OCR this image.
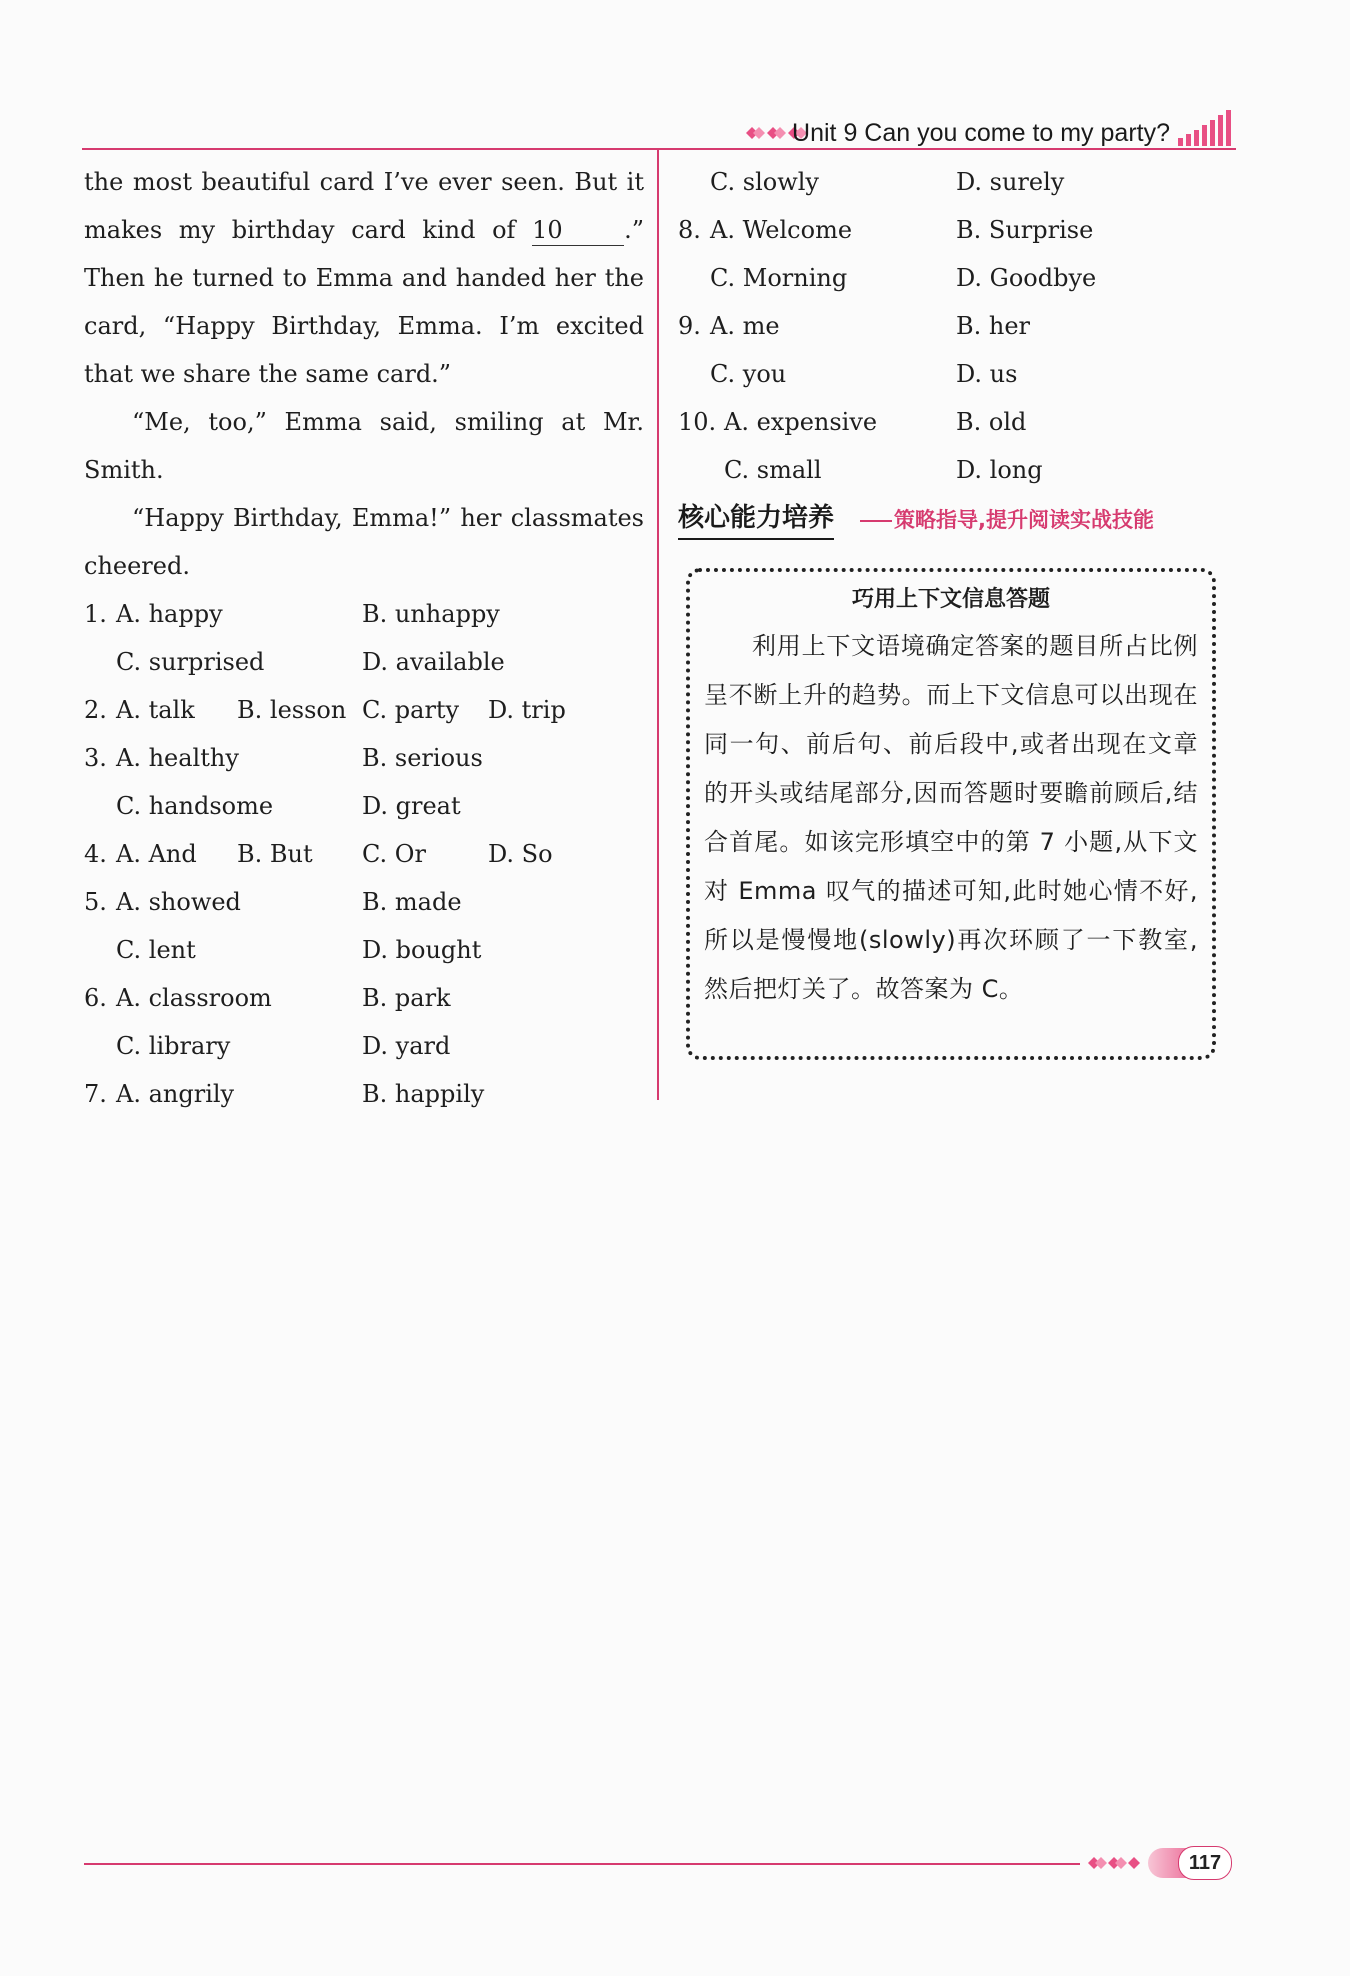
Unit 9 Can you come to my party?

the most beautiful card I’ve ever seen. But it makes my birthday card kind of 10	.” Then he turned to Emma and handed her the card, “Happy Birthday, Emma. I’m excited that we share the same card.”

“Me, too,” Emma said, smiling at Mr. Smith.

“Happy Birthday, Emma!” her classmates cheered.

1. A. happy	B. unhappy
C. surprised	D. available
2. A. talk B. lesson C. party D. trip
3. A. healthy	B. serious
C. handsome	D. great
4. A. And B. But C. Or	D. So
5. A. showed	B. made
C. lent	D. bought
6. A. classroom	B. park
C. library	D. yard
7. A. angrily	B. happily
C. slowly	D. surely
8. A. Welcome	B. Surprise
C. Morning	D. Goodbye
9. A. me	B. her
C. you	D. us
10. A. expensive	B. old
C. small	D. long
核心能力培养	策略指导,提升阅读实战技能
巧用上下文信息答题

利用上下文语境确定答案的题目所占比例呈不断上升的趋势。而上下文信息可以出现在同一句、前后句、前后段中,或者出现在文章的开头或结尾部分,因而答题时要瞻前顾后,结合首尾。如该完形填空中的第 7 小题,从下文对 Emma 叹气的描述可知,此时她心情不好,所以是慢慢地(slowly)再次环顾了一下教室,然后把灯关了。故答案为 C。

117
